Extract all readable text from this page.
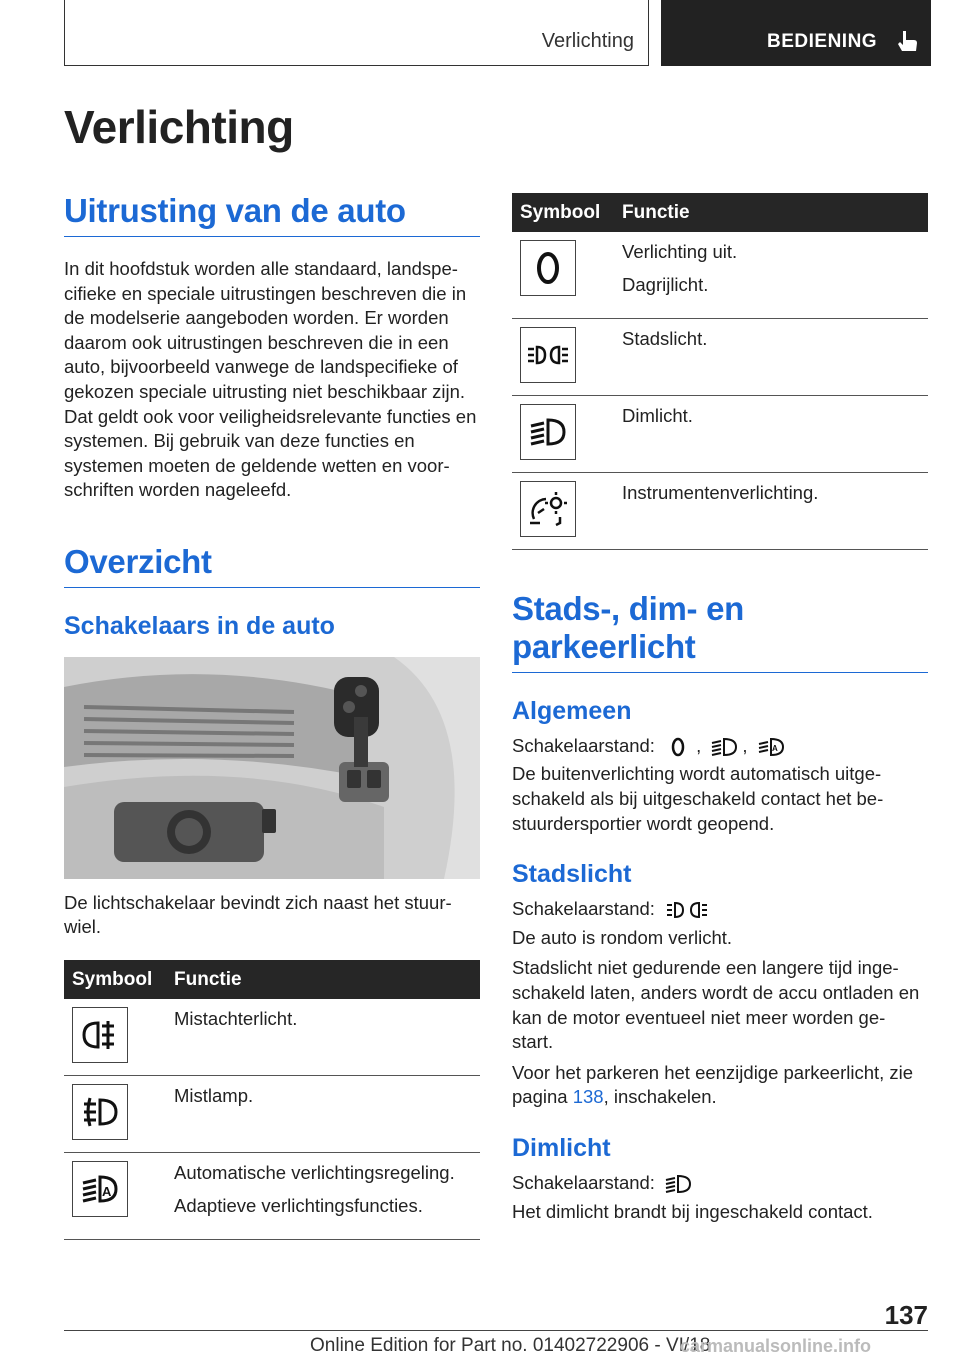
Verlichting	BEDIENING
Verlichting
Uitrusting van de auto
In dit hoofdstuk worden alle standaard, landspe- cifieke en speciale uitrustingen beschreven die in de modelserie aangeboden worden. Er worden daarom ook uitrustingen beschreven die in een auto, bijvoorbeeld vanwege de landspecifieke of gekozen speciale uitrusting niet beschikbaar zijn. Dat geldt ook voor veiligheidsrelevante functies en systemen. Bij gebruik van deze functies en systemen moeten de geldende wetten en voor- schriften worden nageleefd.
Overzicht
Schakelaars in de auto
De lichtschakelaar bevindt zich naast het stuur- wiel.
Symbool	Functie

Mistachterlicht.

Mistlamp.

A	Automatische verlichtingsregeling.
Adaptieve verlichtingsfuncties.
Symbool	Functie

Verlichting uit.
Dagrijlicht.

Stadslicht.

Dimlicht.

Instrumentenverlichting.
Stads-, dim- en parkeerlicht
Algemeen
Schakelaarstand: , ,	A
De buitenverlichting wordt automatisch uitge- schakeld als bij uitgeschakeld contact het be- stuurdersportier wordt geopend.
Stadslicht
Schakelaarstand:
De auto is rondom verlicht.
Stadslicht niet gedurende een langere tijd inge- schakeld laten, anders wordt de accu ontladen en kan de motor eventueel niet meer worden ge- start.
Voor het parkeren het eenzijdige parkeerlicht, zie pagina 138, inschakelen.
Dimlicht
Schakelaarstand:
Het dimlicht brandt bij ingeschakeld contact.
137
Online Edition for Part no. 01402722906 - VI/18
carmanualsonline.info
